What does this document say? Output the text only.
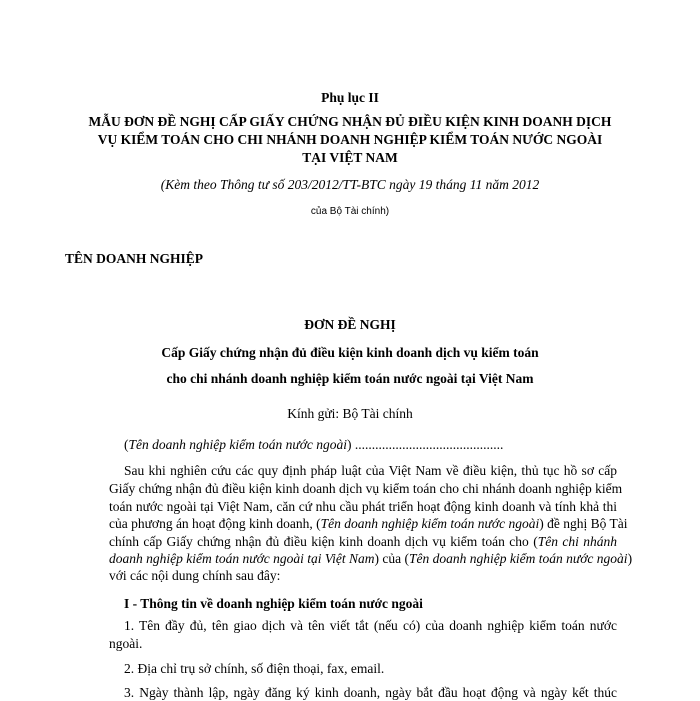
Phụ lục II
MẪU ĐƠN ĐỀ NGHỊ CẤP GIẤY CHỨNG NHẬN ĐỦ ĐIỀU KIỆN KINH DOANH DỊCH
VỤ KIỂM TOÁN CHO CHI NHÁNH DOANH NGHIỆP KIỂM TOÁN NƯỚC NGOÀI
TẠI VIỆT NAM
(Kèm theo Thông tư số 203/2012/TT-BTC ngày 19 tháng 11 năm 2012
của Bộ Tài chính)
TÊN DOANH NGHIỆP
ĐƠN ĐỀ NGHỊ
Cấp Giấy chứng nhận đủ điều kiện kinh doanh dịch vụ kiểm toán
cho chi nhánh doanh nghiệp kiểm toán nước ngoài tại Việt Nam
Kính gửi: Bộ Tài chính
(Tên doanh nghiệp kiểm toán nước ngoài) ............................................
Sau khi nghiên cứu các quy định pháp luật của Việt Nam về điều kiện, thủ tục hồ sơ cấp
Giấy chứng nhận đủ điều kiện kinh doanh dịch vụ kiểm toán cho chi nhánh doanh nghiệp kiểm
toán nước ngoài tại Việt Nam, căn cứ nhu cầu phát triển hoạt động kinh doanh và tính khả thi
của phương án hoạt động kinh doanh, (Tên doanh nghiệp kiểm toán nước ngoài) đề nghị Bộ Tài
chính cấp Giấy chứng nhận đủ điều kiện kinh doanh dịch vụ kiểm toán cho (Tên chi nhánh
doanh nghiệp kiểm toán nước ngoài tại Việt Nam) của (Tên doanh nghiệp kiểm toán nước ngoài)
với các nội dung chính sau đây:
I - Thông tin về doanh nghiệp kiểm toán nước ngoài
1. Tên đầy đủ, tên giao dịch và tên viết tắt (nếu có) của doanh nghiệp kiểm toán nước
ngoài.
2. Địa chỉ trụ sở chính, số điện thoại, fax, email.
3. Ngày thành lập, ngày đăng ký kinh doanh, ngày bắt đầu hoạt động và ngày kết thúc
